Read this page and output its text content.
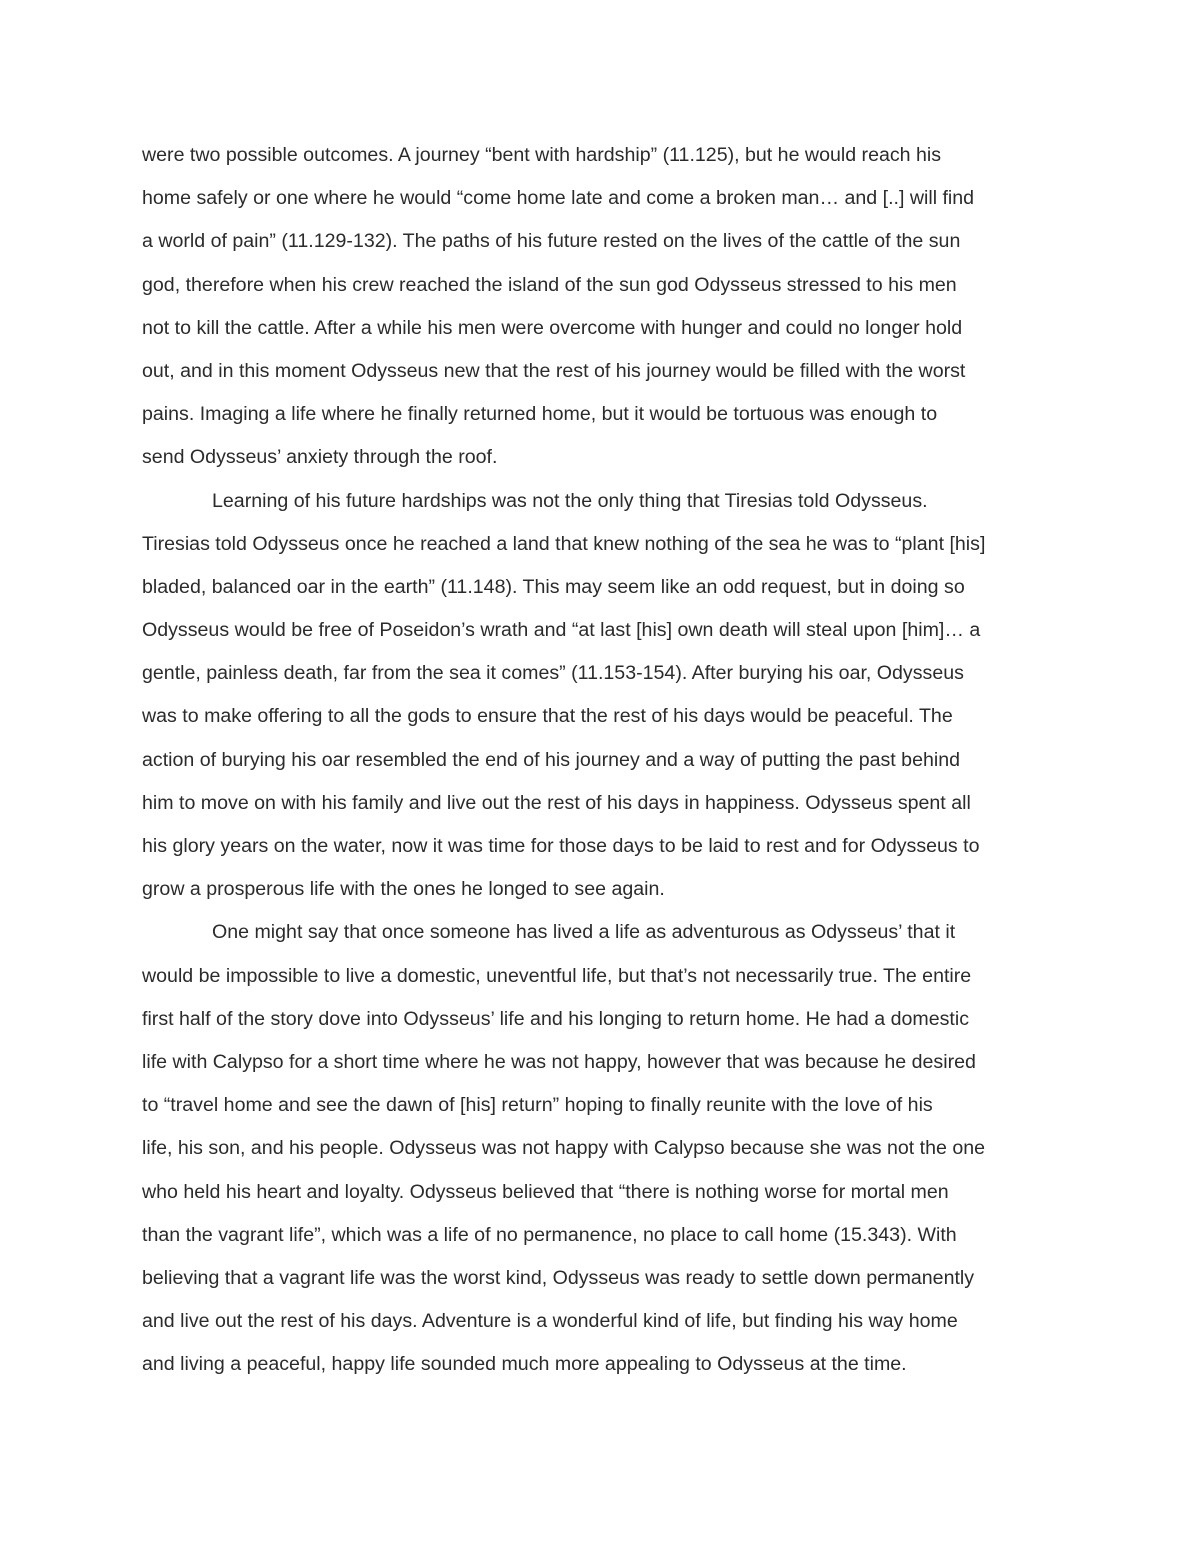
were two possible outcomes. A journey “bent with hardship” (11.125), but he would reach his
home safely or one where he would “come home late and come a broken man… and [..] will find
a world of pain” (11.129-132). The paths of his future rested on the lives of the cattle of the sun
god, therefore when his crew reached the island of the sun god Odysseus stressed to his men
not to kill the cattle. After a while his men were overcome with hunger and could no longer hold
out, and in this moment Odysseus new that the rest of his journey would be filled with the worst
pains. Imaging a life where he finally returned home, but it would be tortuous was enough to
send Odysseus’ anxiety through the roof.
Learning of his future hardships was not the only thing that Tiresias told Odysseus.
Tiresias told Odysseus once he reached a land that knew nothing of the sea he was to “plant [his]
bladed, balanced oar in the earth” (11.148). This may seem like an odd request, but in doing so
Odysseus would be free of Poseidon’s wrath and “at last [his] own death will steal upon [him]… a
gentle, painless death, far from the sea it comes” (11.153-154). After burying his oar, Odysseus
was to make offering to all the gods to ensure that the rest of his days would be peaceful. The
action of burying his oar resembled the end of his journey and a way of putting the past behind
him to move on with his family and live out the rest of his days in happiness. Odysseus spent all
his glory years on the water, now it was time for those days to be laid to rest and for Odysseus to
grow a prosperous life with the ones he longed to see again.
One might say that once someone has lived a life as adventurous as Odysseus’ that it
would be impossible to live a domestic, uneventful life, but that’s not necessarily true. The entire
first half of the story dove into Odysseus’ life and his longing to return home. He had a domestic
life with Calypso for a short time where he was not happy, however that was because he desired
to “travel home and see the dawn of [his] return” hoping to finally reunite with the love of his
life, his son, and his people. Odysseus was not happy with Calypso because she was not the one
who held his heart and loyalty. Odysseus believed that “there is nothing worse for mortal men
than the vagrant life”, which was a life of no permanence, no place to call home (15.343). With
believing that a vagrant life was the worst kind, Odysseus was ready to settle down permanently
and live out the rest of his days. Adventure is a wonderful kind of life, but finding his way home
and living a peaceful, happy life sounded much more appealing to Odysseus at the time.
